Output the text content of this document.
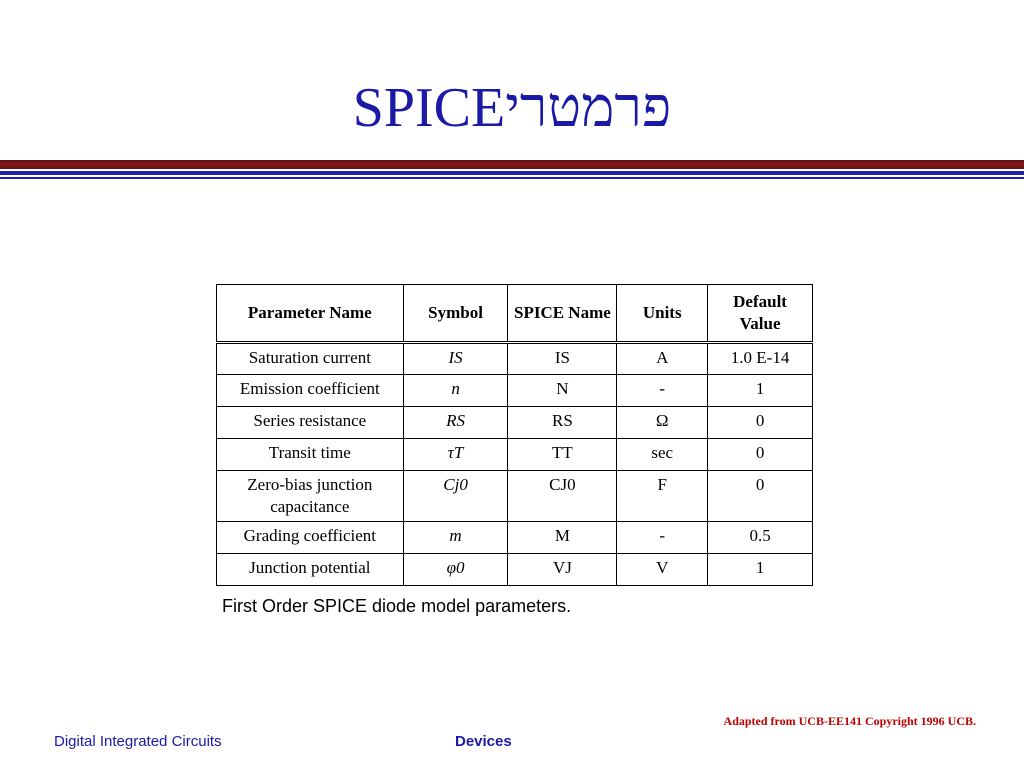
SPICEפרמטרי
Parameter Name	Symbol	SPICE Name	Units	Default Value
Saturation current	IS	IS	A	1.0 E-14
Emission coefficient	n	N	-	1
Series resistance	RS	RS	Ω	0
Transit time	τT	TT	sec	0
Zero-bias junction capacitance	Cj0	CJ0	F	0
Grading coefficient	m	M	-	0.5
Junction potential	φ0	VJ	V	1
First Order SPICE diode model parameters.
Adapted from UCB-EE141 Copyright 1996 UCB.
Digital Integrated Circuits	Devices
